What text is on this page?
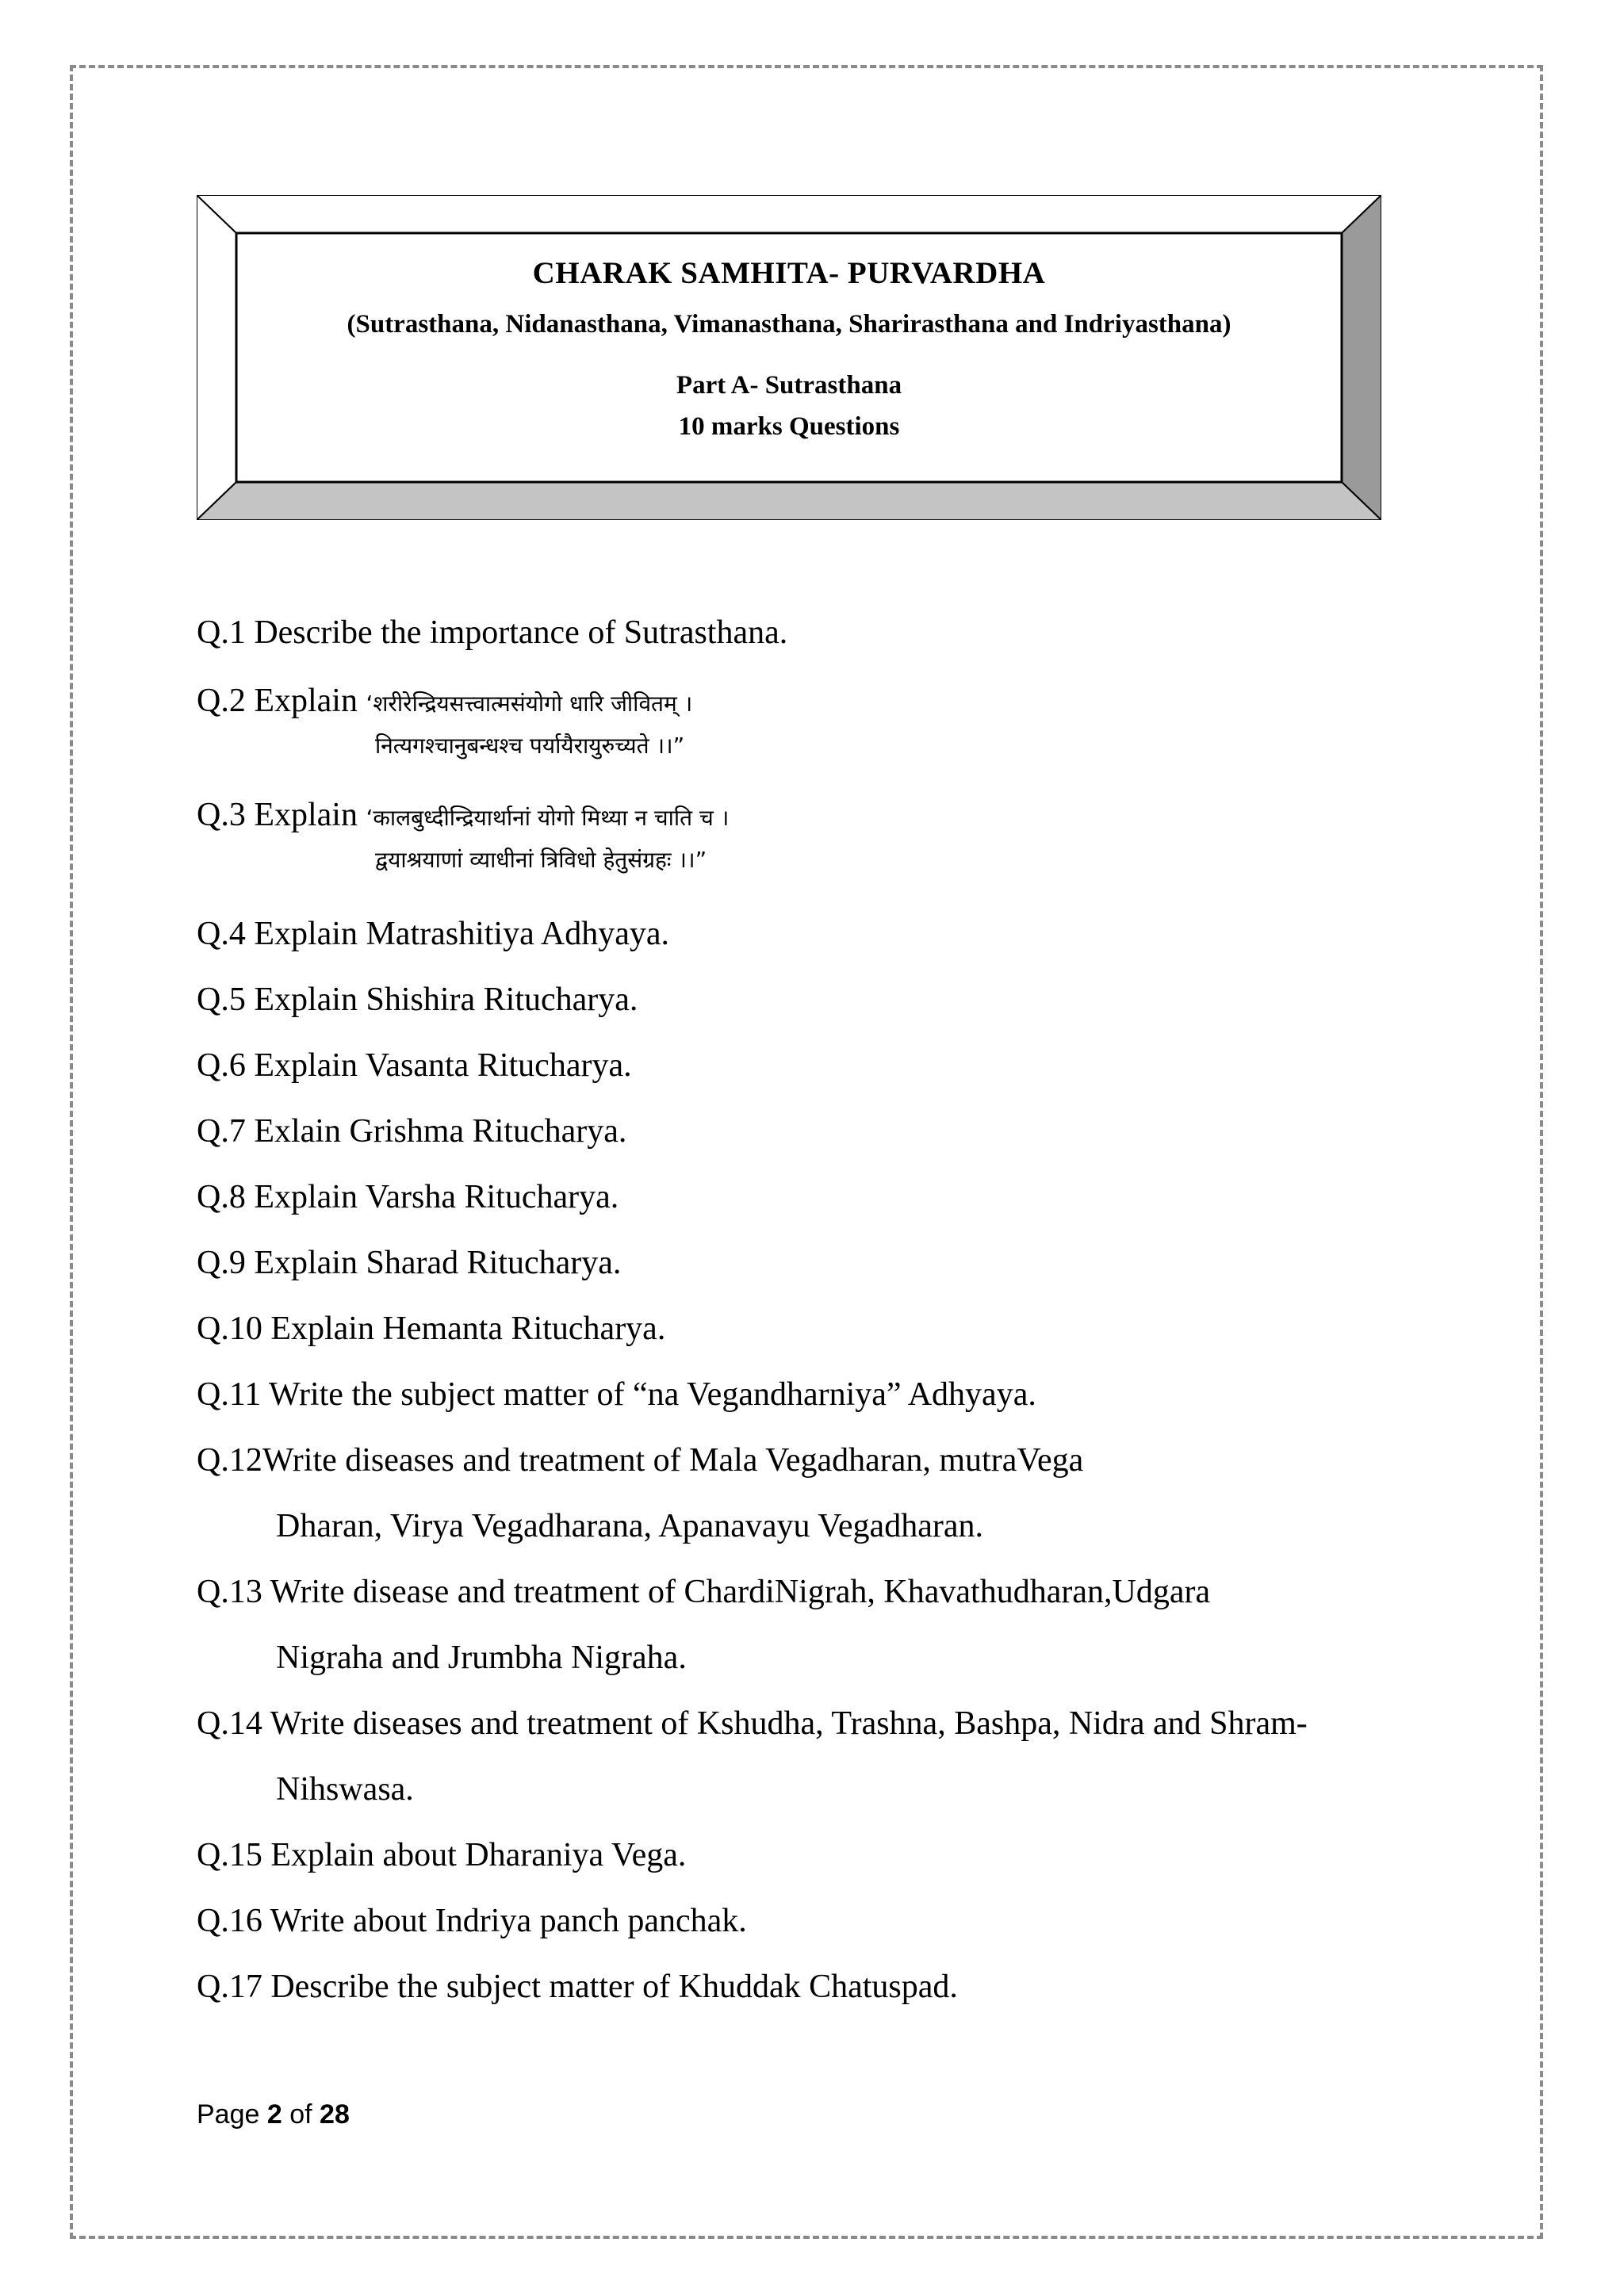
CHARAK SAMHITA- PURVARDHA
(Sutrasthana, Nidanasthana, Vimanasthana, Sharirasthana and Indriyasthana)
Part A- Sutrasthana
10 marks Questions

Q.1 Describe the importance of Sutrasthana.

Q.2 Explain ‘शरीरेन्द्रियसत्त्वात्मसंयोगो धारि जीवितम् ।

नित्यगश्चानुबन्धश्च पर्यायैरायुरुच्यते ।।”

Q.3 Explain ‘कालबुध्दीन्द्रियार्थानां योगो मिथ्या न चाति च ।

द्वयाश्रयाणां व्याधीनां त्रिविधो हेतुसंग्रहः ।।”

Q.4 Explain Matrashitiya Adhyaya.

Q.5 Explain Shishira Ritucharya.

Q.6 Explain Vasanta Ritucharya.

Q.7 Exlain Grishma Ritucharya.

Q.8 Explain Varsha Ritucharya.

Q.9 Explain Sharad Ritucharya.

Q.10 Explain Hemanta Ritucharya.

Q.11 Write the subject matter of “na Vegandharniya” Adhyaya.

Q.12Write diseases and treatment of Mala Vegadharan, mutraVega

Dharan, Virya Vegadharana, Apanavayu Vegadharan.

Q.13 Write disease and treatment of ChardiNigrah, Khavathudharan,Udgara

Nigraha and Jrumbha Nigraha.

Q.14 Write diseases and treatment of Kshudha, Trashna, Bashpa, Nidra and Shram-

Nihswasa.

Q.15 Explain about Dharaniya Vega.

Q.16 Write about Indriya panch panchak.

Q.17 Describe the subject matter of Khuddak Chatuspad.

Page 2 of 28
